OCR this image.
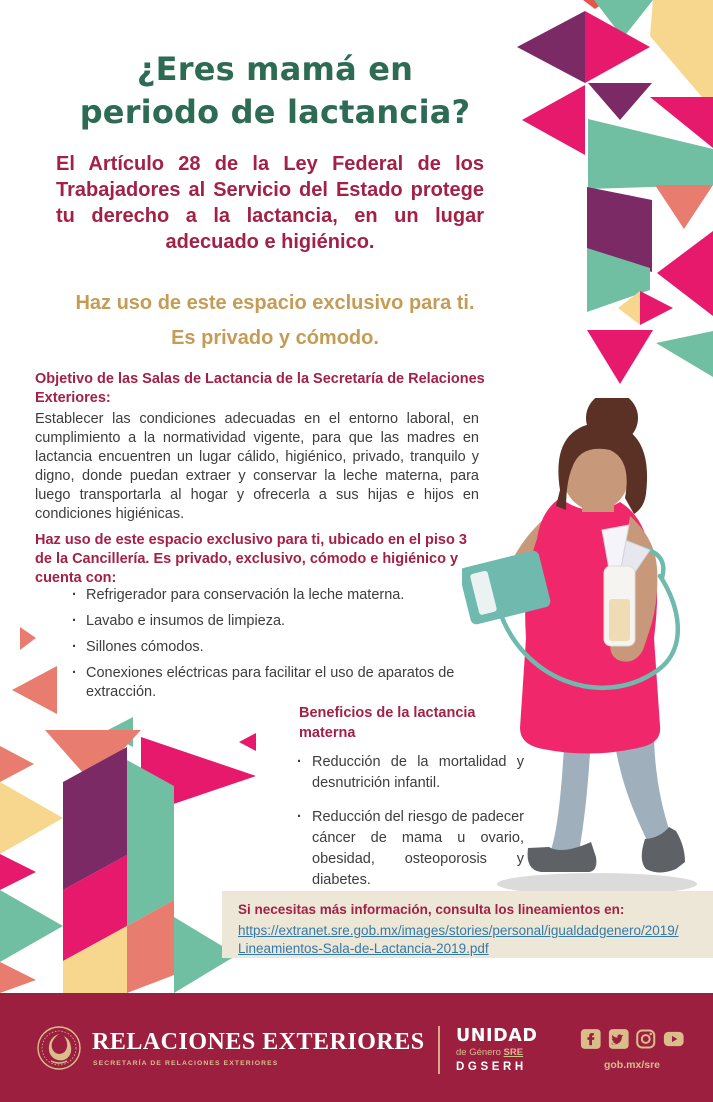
¿Eres mamá en
periodo de lactancia?
El Artículo 28 de la Ley Federal de los Trabajadores al Servicio del Estado protege tu derecho a la lactancia, en un lugar adecuado e higiénico.
Haz uso de este espacio exclusivo para ti.
Es privado y cómodo.
Objetivo de las Salas de Lactancia de la Secretaría de Relaciones Exteriores:
Establecer las condiciones adecuadas en el entorno laboral, en cumplimiento a la normatividad vigente, para que las madres en lactancia encuentren un lugar cálido, higiénico, privado, tranquilo y digno, donde puedan extraer y conservar la leche materna, para luego transportarla al hogar y ofrecerla a sus hijas e hijos en condiciones higiénicas.
Haz uso de este espacio exclusivo para ti, ubicado en el piso 3 de la Cancillería. Es privado, exclusivo, cómodo e higiénico y cuenta con:
· Refrigerador para conservación la leche materna.
· Lavabo e insumos de limpieza.
· Sillones cómodos.
· Conexiones eléctricas para facilitar el uso de aparatos de extracción.
Beneficios de la lactancia materna
· Reducción de la mortalidad y desnutrición infantil.
· Reducción del riesgo de padecer cáncer de mama u ovario, obesidad, osteoporosis y diabetes.
Si necesitas más información, consulta los lineamientos en:
https://extranet.sre.gob.mx/images/stories/personal/igualdadgenero/2019/Lineamientos-Sala-de-Lactancia-2019.pdf
RELACIONES EXTERIORES
SECRETARÍA DE RELACIONES EXTERIORES
UNIDAD
de Género SRE
DGSERH	gob.mx/sre
